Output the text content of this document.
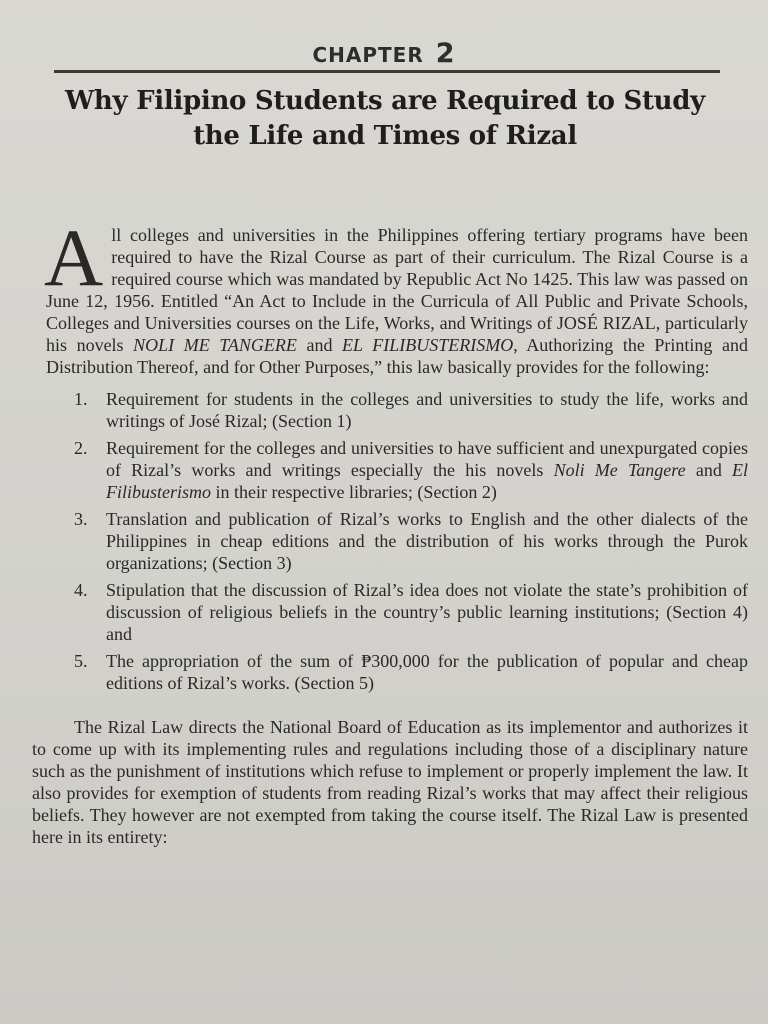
CHAPTER 2
Why Filipino Students are Required to Study
the Life and Times of Rizal

All colleges and universities in the Philippines offering tertiary programs have been required to have the Rizal Course as part of their curriculum. The Rizal Course is a required course which was mandated by Republic Act No 1425. This law was passed on June 12, 1956. Entitled “An Act to Include in the Curricula of All Public and Private Schools, Colleges and Universities courses on the Life, Works, and Writings of JOSÉ RIZAL, particularly his novels NOLI ME TANGERE and EL FILIBUSTERISMO, Authorizing the Printing and Distribution Thereof, and for Other Purposes,” this law basically provides for the following:

1. Requirement for students in the colleges and universities to study the life, works and writings of José Rizal; (Section 1)
2. Requirement for the colleges and universities to have sufficient and unexpurgated copies of Rizal’s works and writings especially the his novels Noli Me Tangere and El Filibusterismo in their respective libraries; (Section 2)
3. Translation and publication of Rizal’s works to English and the other dialects of the Philippines in cheap editions and the distribution of his works through the Purok organizations; (Section 3)
4. Stipulation that the discussion of Rizal’s idea does not violate the state’s prohibition of discussion of religious beliefs in the country’s public learning institutions; (Section 4) and
5. The appropriation of the sum of ₱300,000 for the publication of popular and cheap editions of Rizal’s works. (Section 5)

The Rizal Law directs the National Board of Education as its implementor and authorizes it to come up with its implementing rules and regulations including those of a disciplinary nature such as the punishment of institutions which refuse to implement or properly implement the law. It also provides for exemption of students from reading Rizal’s works that may affect their religious beliefs. They however are not exempted from taking the course itself. The Rizal Law is presented here in its entirety:
